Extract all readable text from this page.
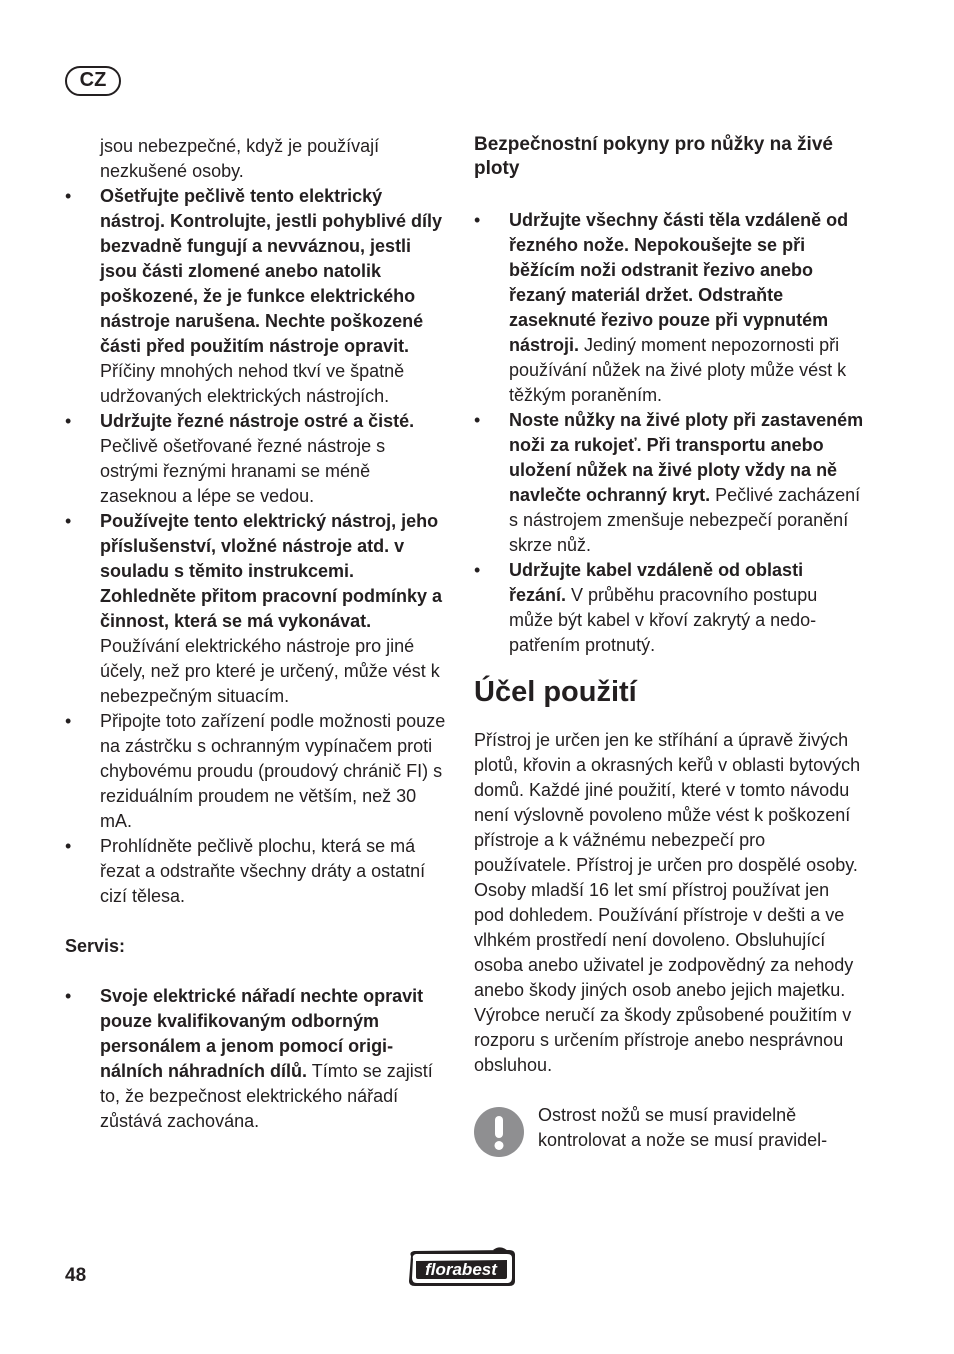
CZ

jsou nebezpečné, když je používají nezkušené osoby.

• Ošetřujte pečlivě tento elektrický nástroj. Kontrolujte, jestli pohyblivé díly bezvadně fungují a nevváznou, jestli jsou části zlomené anebo natolik poškozené, že je funkce elektrického nástroje narušena. Nechte poškozené části před použitím nástroje opravit. Příčiny mnohých nehod tkví ve špatně udržovaných elektrických nástrojích.
• Udržujte řezné nástroje ostré a čisté. Pečlivě ošetřované řezné nástroje s ostrými řeznými hranami se méně zaseknou a lépe se vedou.
• Používejte tento elektrický nástroj, jeho příslušenství, vložné nástroje atd. v souladu s těmito instrukcemi. Zohledněte přitom pracovní podmínky a činnost, která se má vykonávat. Používání elektrického nástroje pro jiné účely, než pro které je určený, může vést k nebezpečným situacím.
• Připojte toto zařízení podle možnosti pouze na zástrčku s ochranným vypínačem proti chybovému proudu (proudový chránič FI) s reziduálním proudem ne větším, než 30 mA.
• Prohlídněte pečlivě plochu, která se má řezat a odstraňte všechny dráty a ostatní cizí tělesa.
Servis:
• Svoje elektrické nářadí nechte opravit pouze kvalifikovaným odborným personálem a jenom pomocí originálních náhradních dílů. Tímto se zajistí to, že bezpečnost elektrického nářadí zůstává zachována.
Bezpečnostní pokyny pro nůžky na živé ploty
• Udržujte všechny části těla vzdáleně od řezného nože. Nepokoušejte se při běžícím noži odstranit řezivo anebo řezaný materiál držet. Odstraňte zaseknuté řezivo pouze při vypnutém nástroji. Jediný moment nepozornosti při používání nůžek na živé ploty může vést k těžkým poraněním.
• Noste nůžky na živé ploty při zastaveném noži za rukojeť. Při transportu anebo uložení nůžek na živé ploty vždy na ně navlečte ochranný kryt. Pečlivé zacházení s nástrojem zmenšuje nebezpečí poranění skrze nůž.
• Udržujte kabel vzdáleně od oblasti řezání. V průběhu pracovního postupu může být kabel v křoví zakrytý a nedopatřením protnutý.
Účel použití

Přístroj je určen jen ke stříhání a úpravě živých plotů, křovin a okrasných keřů v oblasti bytových domů. Každé jiné použití, které v tomto návodu není výslovně povoleno může vést k poškození přístroje a k vážnému nebezpečí pro používatele. Přístroj je určen pro dospělé osoby. Osoby mladší 16 let smí přístroj používat jen pod dohledem. Používání přístroje v dešti a ve vlhkém prostředí není dovoleno. Obsluhující osoba anebo uživatel je zodpovědný za nehody anebo škody jiných osob anebo jejich majetku.

Výrobce neručí za škody způsobené použitím v rozporu s určením přístroje anebo nesprávnou obsluhou.

Ostrost nožů se musí pravidelně kontrolovat a nože se musí pravidel-
48	florabest
